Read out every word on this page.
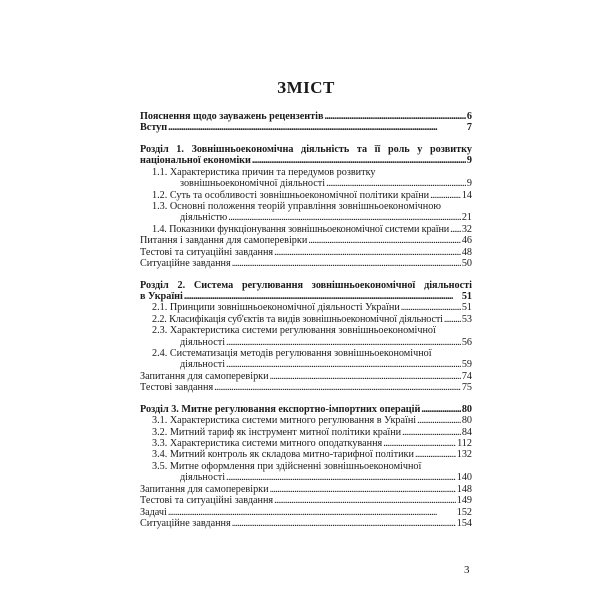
ЗМІСТ
Пояснення щодо зауважень рецензентів . . .	6
Вступ . . .	7
Розділ 1. Зовнішньоекономічна діяльність та її роль у розвитку
національної економіки . . .	9
1.1. Характеристика причин та передумов розвитку
зовнішньоекономічної діяльності . . .	9
1.2. Суть та особливості зовнішньоекономічної політики країни . . .	14
1.3. Основні положення теорій управління зовнішньоекономічною
діяльністю . . .	21
1.4. Показники функціонування зовнішньоекономічної системи країни . . . 32
Питання і завдання для самоперевірки . . .	46
Тестові та ситуаційні завдання . . .	48
Ситуаційне завдання . . .	50
Розділ 2. Система регулювання зовнішньоекономічної діяльності
в Україні . . .	51
2.1. Принципи зовнішньоекономічної діяльності України . . .	51
2.2. Класифікація суб'єктів та видів зовнішньоекономічної діяльності . . . 53
2.3. Характеристика системи регулювання зовнішньоекономічної
діяльності . . .	56
2.4. Систематизація методів регулювання зовнішньоекономічної
діяльності . . .	59
Запитання для самоперевірки . . .	74
Тестові завдання . . .	75
Розділ 3. Митне регулювання експортно-імпортних операцій . . .	80
3.1. Характеристика системи митного регулювання в Україні . . .	80
3.2. Митний тариф як інструмент митної політики країни . . .	84
3.3. Характеристика системи митного оподаткування . . .	112
3.4. Митний контроль як складова митно-тарифної політики . . .	132
3.5. Митне оформлення при здійсненні зовнішньоекономічної
діяльності . . .	140
Запитання для самоперевірки . . .	148
Тестові та ситуаційні завдання . . .	149
Задачі . . .	152
Ситуаційне завдання . . .	154
3
